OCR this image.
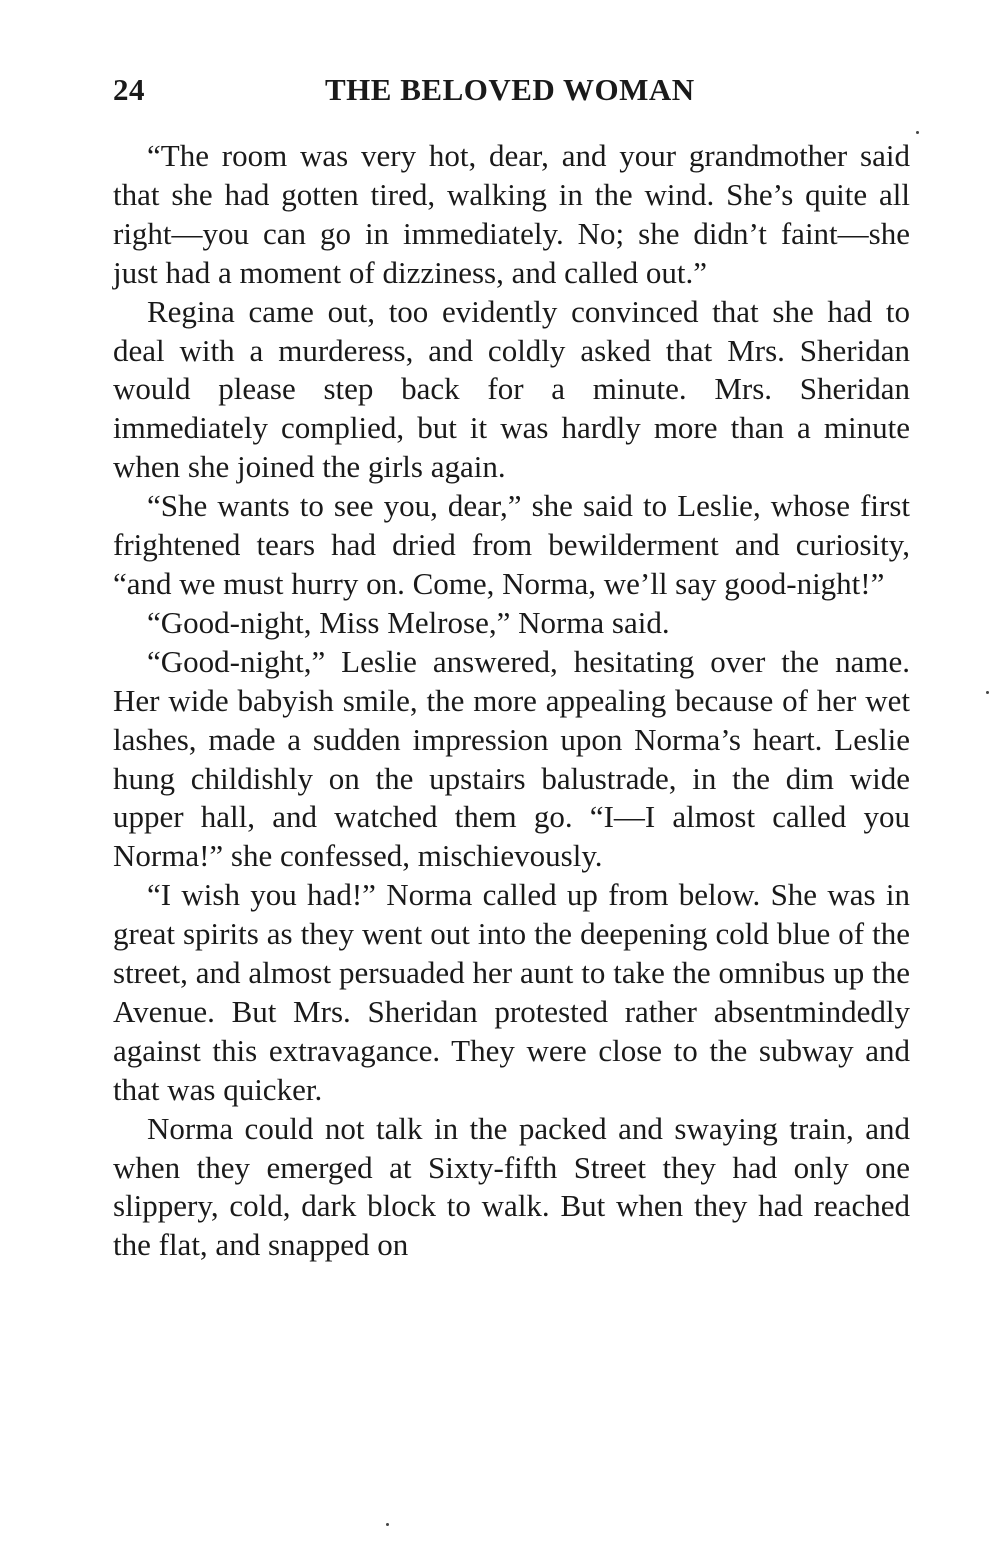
24	THE BELOVED WOMAN

“The room was very hot, dear, and your grandmother said that she had gotten tired, walking in the wind. She’s quite all right—you can go in immediately. No; she didn’t faint—she just had a moment of dizziness, and called out.”

Regina came out, too evidently convinced that she had to deal with a murderess, and coldly asked that Mrs. Sheridan would please step back for a minute. Mrs. Sheridan immediately complied, but it was hardly more than a minute when she joined the girls again.

“She wants to see you, dear,” she said to Leslie, whose first frightened tears had dried from bewilderment and curiosity, “and we must hurry on. Come, Norma, we’ll say good-night!”

“Good-night, Miss Melrose,” Norma said.

“Good-night,” Leslie answered, hesitating over the name. Her wide babyish smile, the more appealing because of her wet lashes, made a sudden impression upon Norma’s heart. Leslie hung childishly on the upstairs balustrade, in the dim wide upper hall, and watched them go. “I—I almost called you Norma!” she confessed, mischievously.

“I wish you had!” Norma called up from below. She was in great spirits as they went out into the deepening cold blue of the street, and almost persuaded her aunt to take the omnibus up the Avenue. But Mrs. Sheridan protested rather absentmindedly against this extravagance. They were close to the subway and that was quicker.

Norma could not talk in the packed and swaying train, and when they emerged at Sixty-fifth Street they had only one slippery, cold, dark block to walk. But when they had reached the flat, and snapped on
